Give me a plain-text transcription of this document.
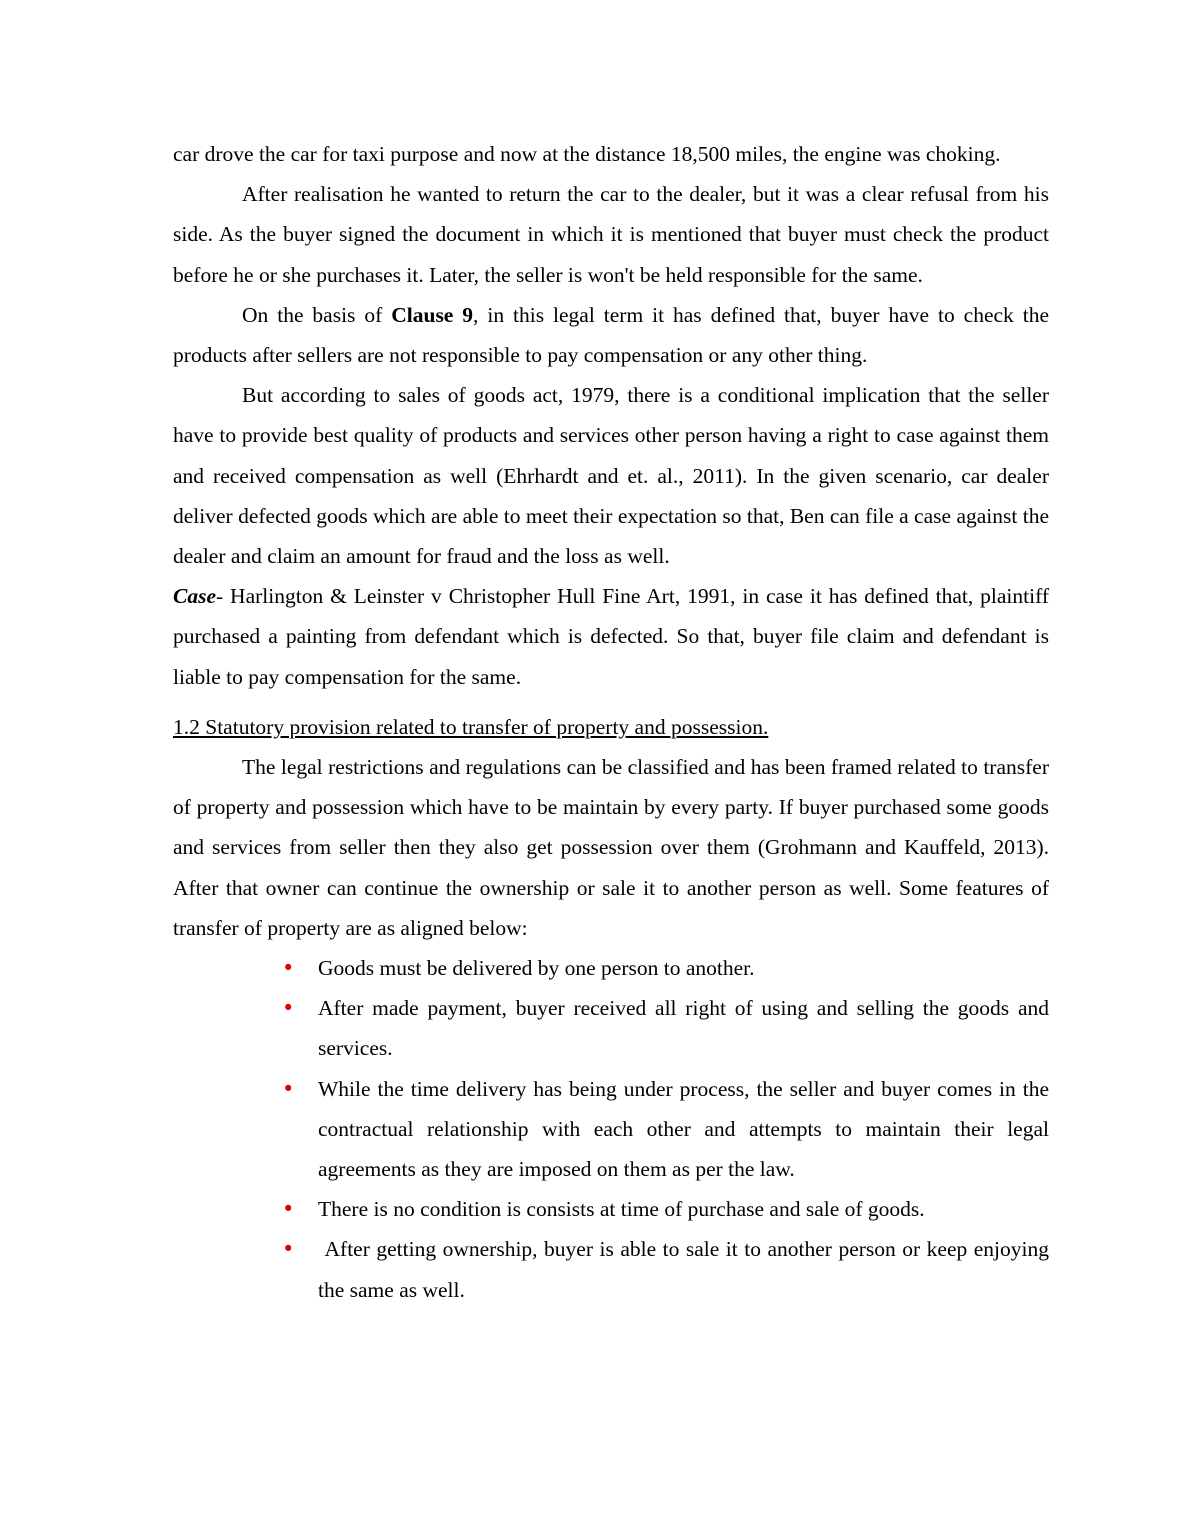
car drove the car for taxi purpose and now at the distance 18,500 miles, the engine was choking.

After realisation he wanted to return the car to the dealer, but it was a clear refusal from his side. As the buyer signed the document in which it is mentioned that buyer must check the product before he or she purchases it. Later, the seller is won't be held responsible for the same.

On the basis of Clause 9, in this legal term it has defined that, buyer have to check the products after sellers are not responsible to pay compensation or any other thing.

But according to sales of goods act, 1979, there is a conditional implication that the seller have to provide best quality of products and services other person having a right to case against them and received compensation as well (Ehrhardt and et. al., 2011). In the given scenario, car dealer deliver defected goods which are able to meet their expectation so that, Ben can file a case against the dealer and claim an amount for fraud and the loss as well.

Case- Harlington & Leinster v Christopher Hull Fine Art, 1991, in case it has defined that, plaintiff purchased a painting from defendant which is defected. So that, buyer file claim and defendant is liable to pay compensation for the same.

1.2 Statutory provision related to transfer of property and possession.

The legal restrictions and regulations can be classified and has been framed related to transfer of property and possession which have to be maintain by every party. If buyer purchased some goods and services from seller then they also get possession over them (Grohmann and Kauffeld, 2013). After that owner can continue the ownership or sale it to another person as well. Some features of transfer of property are as aligned below:

• Goods must be delivered by one person to another.
• After made payment, buyer received all right of using and selling the goods and services.
• While the time delivery has being under process, the seller and buyer comes in the contractual relationship with each other and attempts to maintain their legal agreements as they are imposed on them as per the law.
• There is no condition is consists at time of purchase and sale of goods.
• After getting ownership, buyer is able to sale it to another person or keep enjoying the same as well.
